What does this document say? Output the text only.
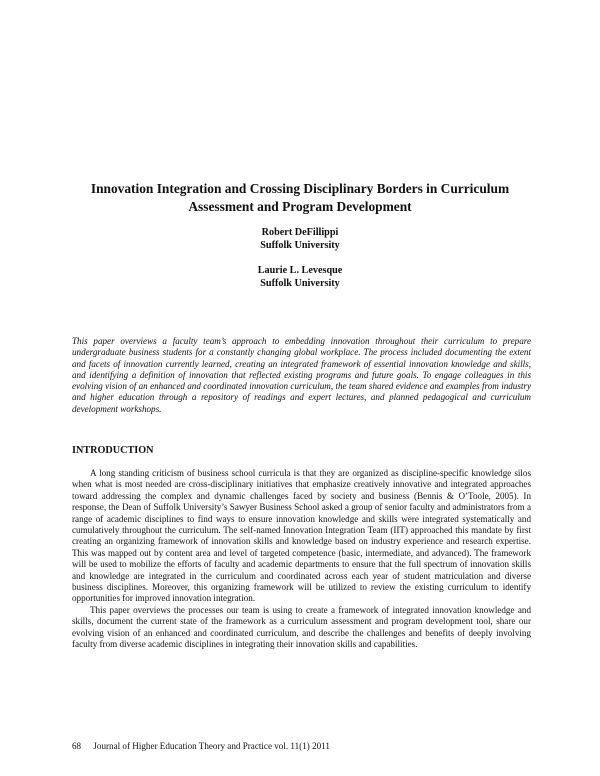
Innovation Integration and Crossing Disciplinary Borders in Curriculum Assessment and Program Development
Robert DeFillippi
Suffolk University
Laurie L. Levesque
Suffolk University
This paper overviews a faculty team’s approach to embedding innovation throughout their curriculum to prepare undergraduate business students for a constantly changing global workplace. The process included documenting the extent and facets of innovation currently learned, creating an integrated framework of essential innovation knowledge and skills, and identifying a definition of innovation that reflected existing programs and future goals. To engage colleagues in this evolving vision of an enhanced and coordinated innovation curriculum, the team shared evidence and examples from industry and higher education through a repository of readings and expert lectures, and planned pedagogical and curriculum development workshops.
INTRODUCTION

A long standing criticism of business school curricula is that they are organized as discipline-specific knowledge silos when what is most needed are cross-disciplinary initiatives that emphasize creatively innovative and integrated approaches toward addressing the complex and dynamic challenges faced by society and business (Bennis & O’Toole, 2005). In response, the Dean of Suffolk University’s Sawyer Business School asked a group of senior faculty and administrators from a range of academic disciplines to find ways to ensure innovation knowledge and skills were integrated systematically and cumulatively throughout the curriculum. The self-named Innovation Integration Team (IIT) approached this mandate by first creating an organizing framework of innovation skills and knowledge based on industry experience and research expertise. This was mapped out by content area and level of targeted competence (basic, intermediate, and advanced). The framework will be used to mobilize the efforts of faculty and academic departments to ensure that the full spectrum of innovation skills and knowledge are integrated in the curriculum and coordinated across each year of student matriculation and diverse business disciplines. Moreover, this organizing framework will be utilized to review the existing curriculum to identify opportunities for improved innovation integration.

This paper overviews the processes our team is using to create a framework of integrated innovation knowledge and skills, document the current state of the framework as a curriculum assessment and program development tool, share our evolving vision of an enhanced and coordinated curriculum, and describe the challenges and benefits of deeply involving faculty from diverse academic disciplines in integrating their innovation skills and capabilities.

68 Journal of Higher Education Theory and Practice vol. 11(1) 2011
